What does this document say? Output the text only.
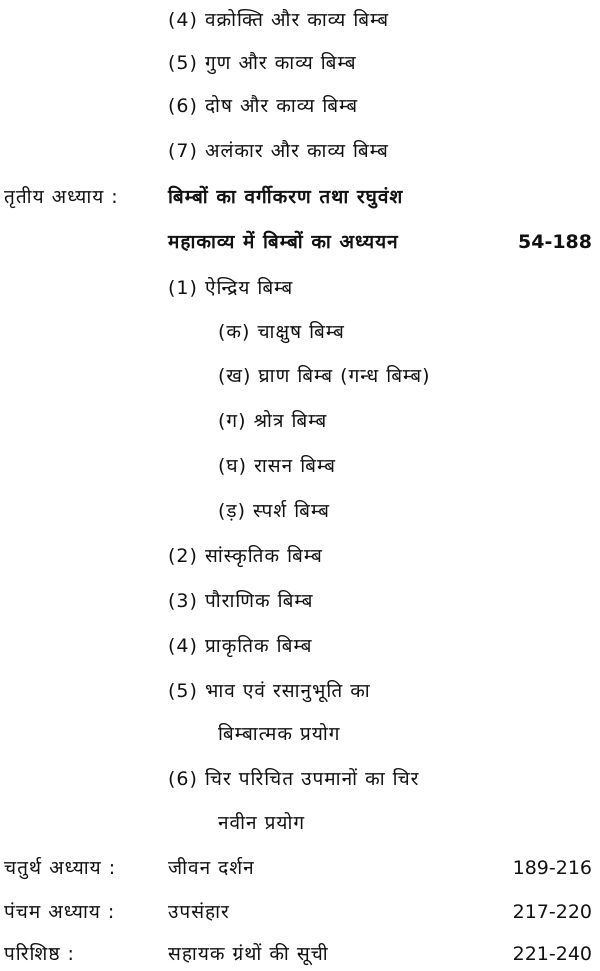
(4) वक्रोक्ति और काव्य बिम्ब
(5) गुण और काव्य बिम्ब
(6) दोष और काव्य बिम्ब
(7) अलंकार और काव्य बिम्ब
तृतीय अध्याय :	बिम्बों का वर्गीकरण तथा रघुवंश
महाकाव्य में बिम्बों का अध्ययन	54-188
(1) ऐन्द्रिय बिम्ब
(क) चाक्षुष बिम्ब
(ख) घ्राण बिम्ब (गन्ध बिम्ब)
(ग) श्रोत्र बिम्ब
(घ) रासन बिम्ब
(ड़) स्पर्श बिम्ब
(2) सांस्कृतिक बिम्ब
(3) पौराणिक बिम्ब
(4) प्राकृतिक बिम्ब
(5) भाव एवं रसानुभूति का
बिम्बात्मक प्रयोग
(6) चिर परिचित उपमानों का चिर
नवीन प्रयोग
चतुर्थ अध्याय :	जीवन दर्शन	189-216
पंचम अध्याय :	उपसंहार	217-220
परिशिष्ठ :	सहायक ग्रंथों की सूची	221-240
